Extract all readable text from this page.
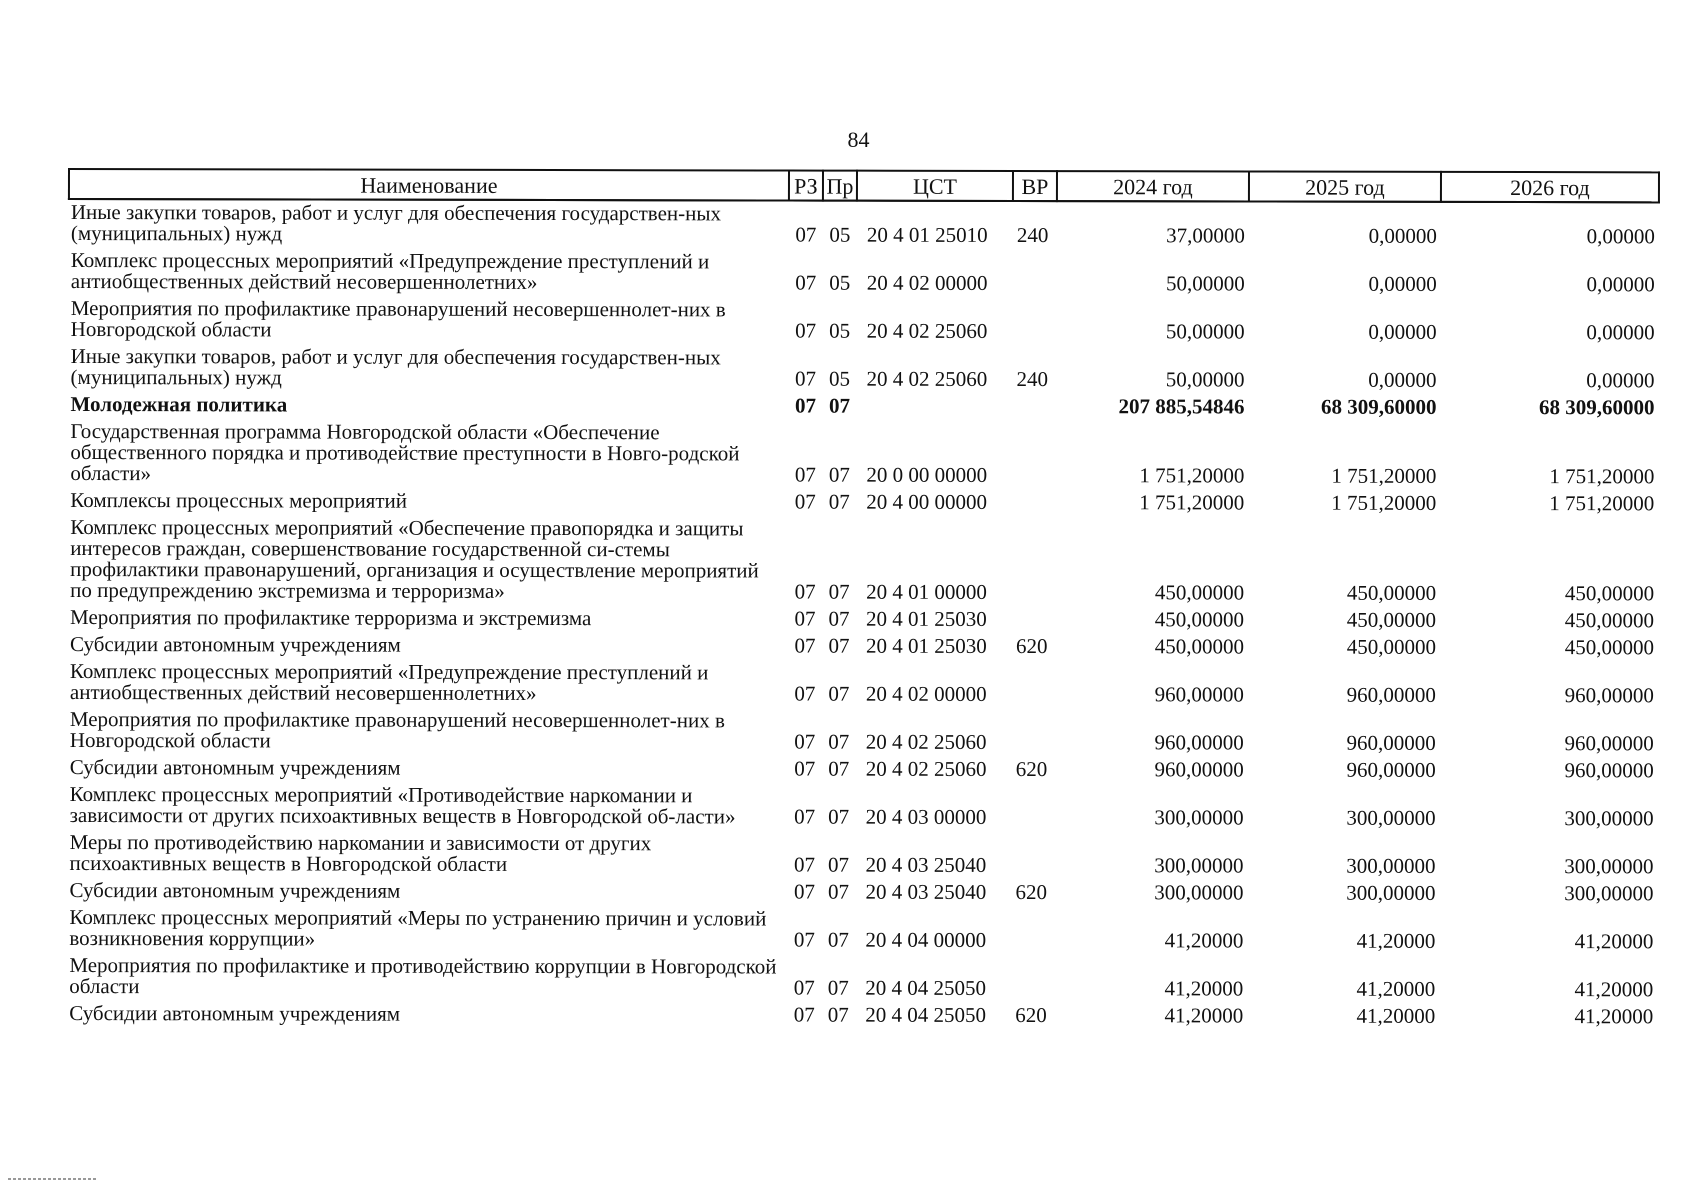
84
Наименование	РЗ	Пр	ЦСТ	ВР	2024 год	2025 год	2026 год
Иные закупки товаров, работ и услуг для обеспечения государствен-ных (муниципальных) нужд	07	05	20 4 01 25010	240	37,00000	0,00000	0,00000
Комплекс процессных мероприятий «Предупреждение преступлений и антиобщественных действий несовершеннолетних»	07	05	20 4 02 00000		50,00000	0,00000	0,00000
Мероприятия по профилактике правонарушений несовершеннолет-них в Новгородской области	07	05	20 4 02 25060		50,00000	0,00000	0,00000
Иные закупки товаров, работ и услуг для обеспечения государствен-ных (муниципальных) нужд	07	05	20 4 02 25060	240	50,00000	0,00000	0,00000
Молодежная политика	07	07			207 885,54846	68 309,60000	68 309,60000
Государственная программа Новгородской области «Обеспечение общественного порядка и противодействие преступности в Новго-родской области»	07	07	20 0 00 00000		1 751,20000	1 751,20000	1 751,20000
Комплексы процессных мероприятий	07	07	20 4 00 00000		1 751,20000	1 751,20000	1 751,20000
Комплекс процессных мероприятий «Обеспечение правопорядка и защиты интересов граждан, совершенствование государственной си-стемы профилактики правонарушений, организация и осуществление мероприятий по предупреждению экстремизма и терроризма»	07	07	20 4 01 00000		450,00000	450,00000	450,00000
Мероприятия по профилактике терроризма и экстремизма	07	07	20 4 01 25030		450,00000	450,00000	450,00000
Субсидии автономным учреждениям	07	07	20 4 01 25030	620	450,00000	450,00000	450,00000
Комплекс процессных мероприятий «Предупреждение преступлений и антиобщественных действий несовершеннолетних»	07	07	20 4 02 00000		960,00000	960,00000	960,00000
Мероприятия по профилактике правонарушений несовершеннолет-них в Новгородской области	07	07	20 4 02 25060		960,00000	960,00000	960,00000
Субсидии автономным учреждениям	07	07	20 4 02 25060	620	960,00000	960,00000	960,00000
Комплекс процессных мероприятий «Противодействие наркомании и зависимости от других психоактивных веществ в Новгородской об-ласти»	07	07	20 4 03 00000		300,00000	300,00000	300,00000
Меры по противодействию наркомании и зависимости от других психоактивных веществ в Новгородской области	07	07	20 4 03 25040		300,00000	300,00000	300,00000
Субсидии автономным учреждениям	07	07	20 4 03 25040	620	300,00000	300,00000	300,00000
Комплекс процессных мероприятий «Меры по устранению причин и условий возникновения коррупции»	07	07	20 4 04 00000		41,20000	41,20000	41,20000
Мероприятия по профилактике и противодействию коррупции в Новгородской области	07	07	20 4 04 25050		41,20000	41,20000	41,20000
Субсидии автономным учреждениям	07	07	20 4 04 25050	620	41,20000	41,20000	41,20000
